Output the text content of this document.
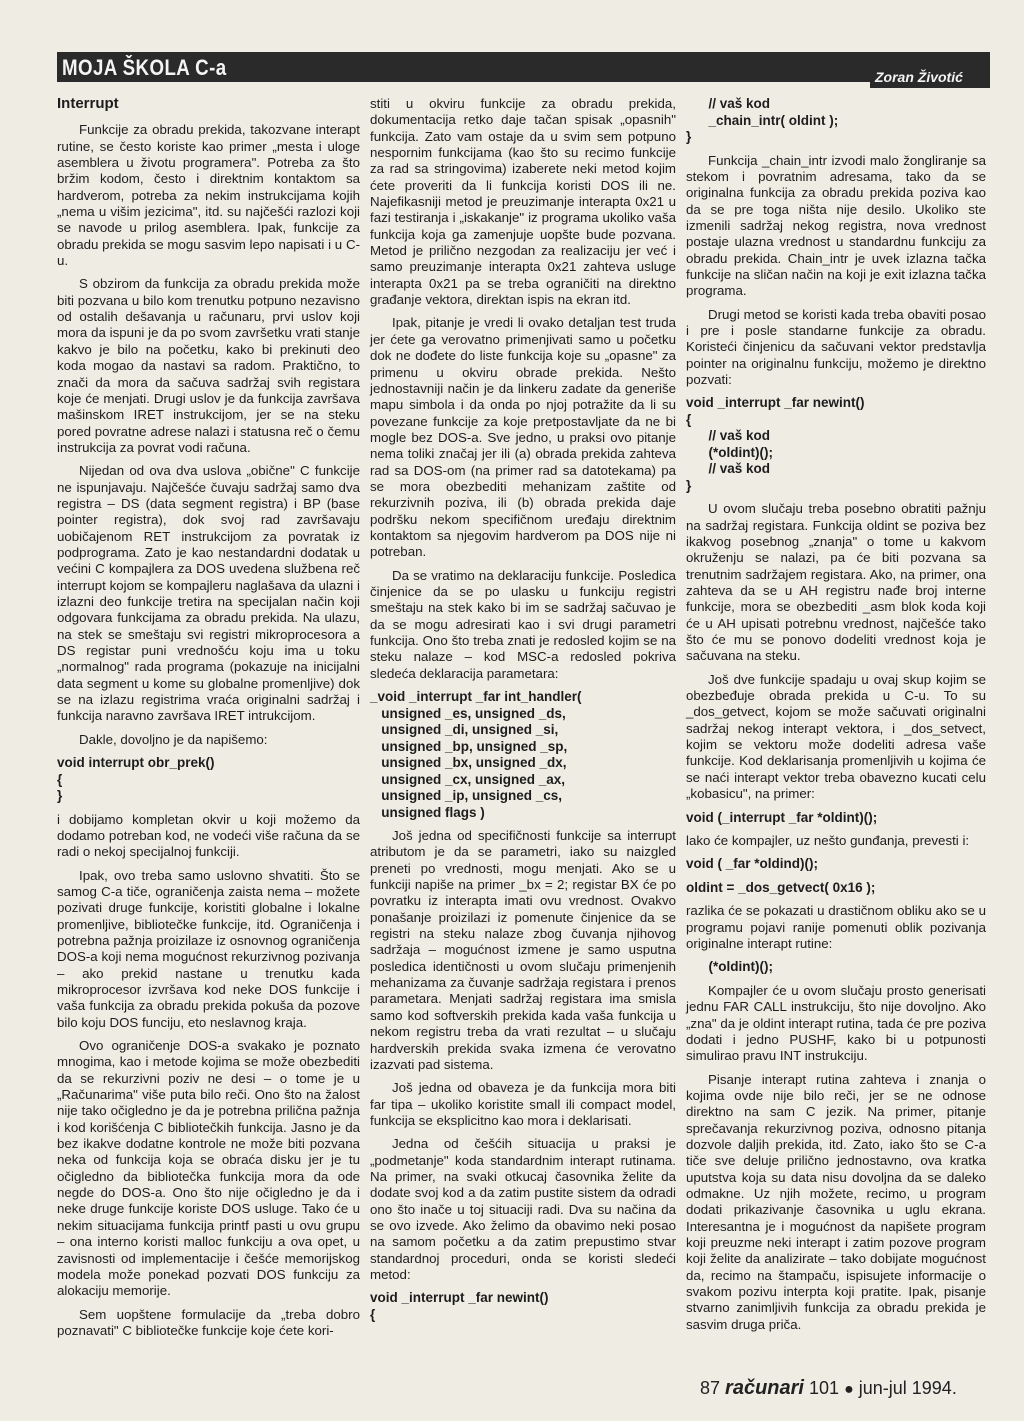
MOJA ŠKOLA C-a	Zoran Životić
Interrupt

Funkcije za obradu prekida, takozvane interapt rutine, se često koriste kao primer „mesta i uloge asemblera u životu programera". Potreba za što bržim kodom, često i direktnim kontaktom sa hardverom, potreba za nekim instrukcijama kojih „nema u višim jezicima", itd. su najčešći razlozi koji se navode u prilog asemblera. Ipak, funkcije za obradu prekida se mogu sasvim lepo napisati i u C-u.

S obzirom da funkcija za obradu prekida može biti pozvana u bilo kom trenutku potpuno nezavisno od ostalih dešavanja u računaru, prvi uslov koji mora da ispuni je da po svom završetku vrati stanje kakvo je bilo na početku, kako bi prekinuti deo koda mogao da nastavi sa radom. Praktično, to znači da mora da sačuva sadržaj svih registara koje će menjati. Drugi uslov je da funkcija završava mašinskom IRET instrukcijom, jer se na steku pored povratne adrese nalazi i statusna reč o čemu instrukcija za povrat vodi računa.

Nijedan od ova dva uslova „obične" C funkcije ne ispunjavaju. Najčešće čuvaju sadržaj samo dva registra – DS (data segment registra) i BP (base pointer registra), dok svoj rad završavaju uobičajenom RET instrukcijom za povratak iz podprograma. Zato je kao nestandardni dodatak u većini C kompajlera za DOS uvedena službena reč interrupt kojom se kompajleru naglašava da ulazni i izlazni deo funkcije tretira na specijalan način koji odgovara funkcijama za obradu prekida. Na ulazu, na stek se smeštaju svi registri mikroprocesora a DS registar puni vrednošću koju ima u toku „normalnog" rada programa (pokazuje na inicijalni data segment u kome su globalne promenljive) dok se na izlazu registrima vraća originalni sadržaj i funkcija naravno završava IRET intrukcijom.

Dakle, dovoljno je da napišemo:

void interrupt obr_prek()
{
}

i dobijamo kompletan okvir u koji možemo da dodamo potreban kod, ne vodeći više računa da se radi o nekoj specijalnoj funkciji.

Ipak, ovo treba samo uslovno shvatiti. Što se samog C-a tiče, ograničenja zaista nema – možete pozivati druge funkcije, koristiti globalne i lokalne promenljive, bibliotečke funkcije, itd. Ograničenja i potrebna pažnja proizilaze iz osnovnog ograničenja DOS-a koji nema mogućnost rekurzivnog pozivanja – ako prekid nastane u trenutku kada mikroprocesor izvršava kod neke DOS funkcije i vaša funkcija za obradu prekida pokuša da pozove bilo koju DOS funciju, eto neslavnog kraja.

Ovo ograničenje DOS-a svakako je poznato mnogima, kao i metode kojima se može obezbediti da se rekurzivni poziv ne desi – o tome je u „Računarima" više puta bilo reči. Ono što na žalost nije tako očigledno je da je potrebna prilična pažnja i kod korišćenja C bibliotečkih funkcija. Jasno je da bez ikakve dodatne kontrole ne može biti pozvana neka od funkcija koja se obraća disku jer je tu očigledno da bibliotečka funkcija mora da ode negde do DOS-a. Ono što nije očigledno je da i neke druge funkcije koriste DOS usluge. Tako će u nekim situacijama funkcija printf pasti u ovu grupu – ona interno koristi malloc funkciju a ova opet, u zavisnosti od implementacije i češće memorijskog modela može ponekad pozvati DOS funkciju za alokaciju memorije.

Sem uopštene formulacije da „treba dobro poznavati" C bibliotečke funkcije koje ćete kori-

stiti u okviru funkcije za obradu prekida, dokumentacija retko daje tačan spisak „opasnih" funkcija. Zato vam ostaje da u svim sem potpuno nespornim funkcijama (kao što su recimo funkcije za rad sa stringovima) izaberete neki metod kojim ćete proveriti da li funkcija koristi DOS ili ne. Najefikasniji metod je preuzimanje interapta 0x21 u fazi testiranja i „iskakanje" iz programa ukoliko vaša funkcija koja ga zamenjuje uopšte bude pozvana. Metod je prilično nezgodan za realizaciju jer već i samo preuzimanje interapta 0x21 zahteva usluge interapta 0x21 pa se treba ograničiti na direktno građanje vektora, direktan ispis na ekran itd.

Ipak, pitanje je vredi li ovako detaljan test truda jer ćete ga verovatno primenjivati samo u početku dok ne dođete do liste funkcija koje su „opasne" za primenu u okviru obrade prekida. Nešto jednostavniji način je da linkeru zadate da generiše mapu simbola i da onda po njoj potražite da li su povezane funkcije za koje pretpostavljate da ne bi mogle bez DOS-a. Sve jedno, u praksi ovo pitanje nema toliki značaj jer ili (a) obrada prekida zahteva rad sa DOS-om (na primer rad sa datotekama) pa se mora obezbediti mehanizam zaštite od rekurzivnih poziva, ili (b) obrada prekida daje podršku nekom specifičnom uređaju direktnim kontaktom sa njegovim hardverom pa DOS nije ni potreban.

Da se vratimo na deklaraciju funkcije. Posledica činjenice da se po ulasku u funkciju registri smeštaju na stek kako bi im se sadržaj sačuvao je da se mogu adresirati kao i svi drugi parametri funkcija. Ono što treba znati je redosled kojim se na steku nalaze – kod MSC-a redosled pokriva sledeća deklaracija parametara:

_void _interrupt _far int_handler(
unsigned _es, unsigned _ds,
unsigned _di, unsigned _si,
unsigned _bp, unsigned _sp,
unsigned _bx, unsigned _dx,
unsigned _cx, unsigned _ax,
unsigned _ip, unsigned _cs,
unsigned flags )

Još jedna od specifičnosti funkcije sa interrupt atributom je da se parametri, iako su naizgled preneti po vrednosti, mogu menjati. Ako se u funkciji napiše na primer _bx = 2; registar BX će po povratku iz interapta imati ovu vrednost. Ovakvo ponašanje proizilazi iz pomenute činjenice da se registri na steku nalaze zbog čuvanja njihovog sadržaja – mogućnost izmene je samo usputna posledica identičnosti u ovom slučaju primenjenih mehanizama za čuvanje sadržaja registara i prenos parametara. Menjati sadržaj registara ima smisla samo kod softverskih prekida kada vaša funkcija u nekom registru treba da vrati rezultat – u slučaju hardverskih prekida svaka izmena će verovatno izazvati pad sistema.

Još jedna od obaveza je da funkcija mora biti far tipa – ukoliko koristite small ili compact model, funkcija se eksplicitno kao mora i deklarisati.

Jedna od češćih situacija u praksi je „podmetanje" koda standardnim interapt rutinama. Na primer, na svaki otkucaj časovnika želite da dodate svoj kod a da zatim pustite sistem da odradi ono što inače u toj situaciji radi. Dva su načina da se ovo izvede. Ako želimo da obavimo neki posao na samom početku a da zatim prepustimo stvar standardnoj proceduri, onda se koristi sledeći metod:

void _interrupt _far newint()
{
// vaš kod
_chain_intr( oldint );
}

Funkcija _chain_intr izvodi malo žongliranje sa stekom i povratnim adresama, tako da se originalna funkcija za obradu prekida poziva kao da se pre toga ništa nije desilo. Ukoliko ste izmenili sadržaj nekog registra, nova vrednost postaje ulazna vrednost u standardnu funkciju za obradu prekida. Chain_intr je uvek izlazna tačka funkcije na sličan način na koji je exit izlazna tačka programa.

Drugi metod se koristi kada treba obaviti posao i pre i posle standarne funkcije za obradu. Koristeći činjenicu da sačuvani vektor predstavlja pointer na originalnu funkciju, možemo je direktno pozvati:

void _interrupt _far newint()
{
// vaš kod
(*oldint)();
// vaš kod
}

U ovom slučaju treba posebno obratiti pažnju na sadržaj registara. Funkcija oldint se poziva bez ikakvog posebnog „znanja" o tome u kakvom okruženju se nalazi, pa će biti pozvana sa trenutnim sadržajem registara. Ako, na primer, ona zahteva da se u AH registru nađe broj interne funkcije, mora se obezbediti _asm blok koda koji će u AH upisati potrebnu vrednost, najčešće tako što će mu se ponovo dodeliti vrednost koja je sačuvana na steku.

Još dve funkcije spadaju u ovaj skup kojim se obezbeđuje obrada prekida u C-u. To su _dos_getvect, kojom se može sačuvati originalni sadržaj nekog interapt vektora, i _dos_setvect, kojim se vektoru može dodeliti adresa vaše funkcije. Kod deklarisanja promenljivih u kojima će se naći interapt vektor treba obavezno kucati celu „kobasicu", na primer:

void (_interrupt _far *oldint)();

lako će kompajler, uz nešto gunđanja, prevesti i:

void ( _far *oldind)();
oldint = _dos_getvect( 0x16 );

razlika će se pokazati u drastičnom obliku ako se u programu pojavi ranije pomenuti oblik pozivanja originalne interapt rutine:

(*oldint)();

Kompajler će u ovom slučaju prosto generisati jednu FAR CALL instrukciju, što nije dovoljno. Ako „zna" da je oldint interapt rutina, tada će pre poziva dodati i jedno PUSHF, kako bi u potpunosti simulirao pravu INT instrukciju.

Pisanje interapt rutina zahteva i znanja o kojima ovde nije bilo reči, jer se ne odnose direktno na sam C jezik. Na primer, pitanje sprečavanja rekurzivnog poziva, odnosno pitanja dozvole daljih prekida, itd. Zato, iako što se C-a tiče sve deluje prilično jednostavno, ova kratka uputstva koja su data nisu dovoljna da se daleko odmakne. Uz njih možete, recimo, u program dodati prikazivanje časovnika u uglu ekrana. Interesantna je i mogućnost da napišete program koji preuzme neki interapt i zatim pozove program koji želite da analizirate – tako dobijate mogućnost da, recimo na štampaču, ispisujete informacije o svakom pozivu interpta koji pratite. Ipak, pisanje stvarno zanimljivih funkcija za obradu prekida je sasvim druga priča.

87 računari 101 ● jun-jul 1994.
